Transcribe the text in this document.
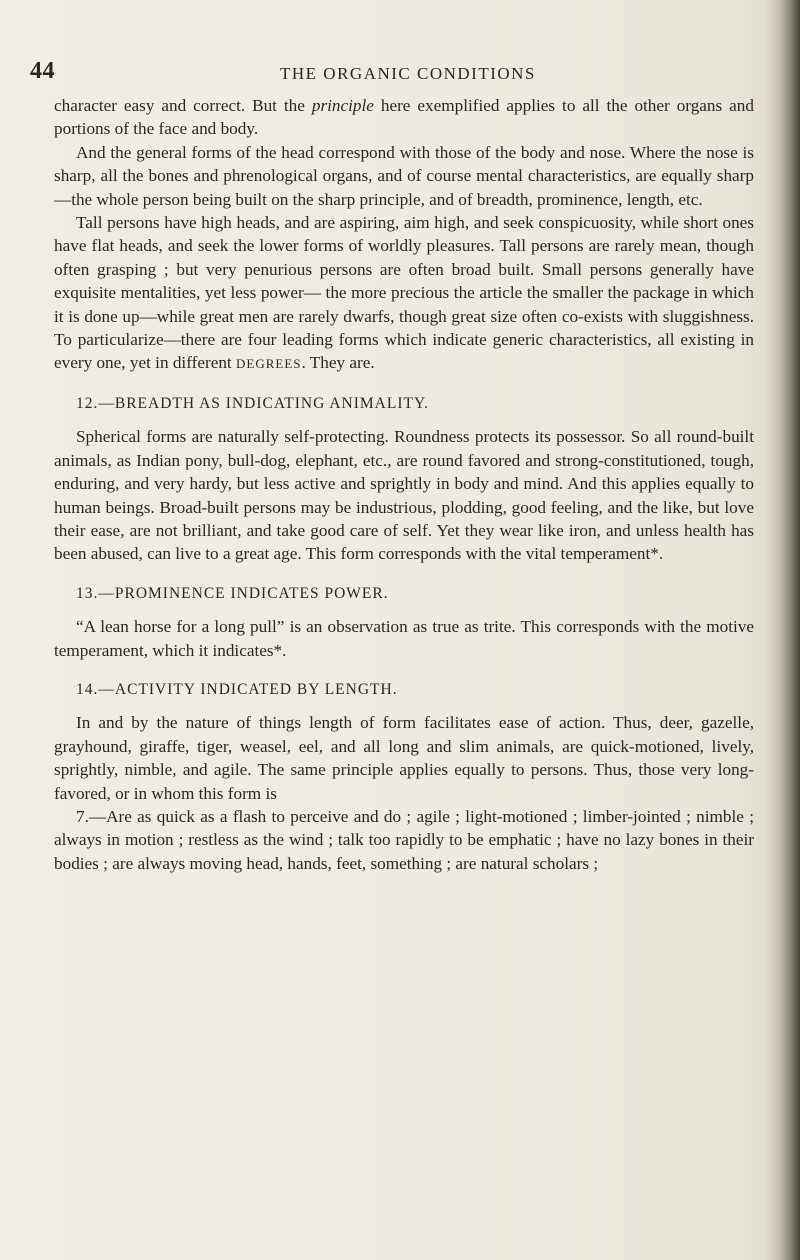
44	THE ORGANIC CONDITIONS

character easy and correct. But the principle here exemplified applies to all the other organs and portions of the face and body.

And the general forms of the head correspond with those of the body and nose. Where the nose is sharp, all the bones and phrenological organs, and of course mental characteristics, are equally sharp —the whole person being built on the sharp principle, and of breadth, prominence, length, etc.

Tall persons have high heads, and are aspiring, aim high, and seek conspicuosity, while short ones have flat heads, and seek the lower forms of worldly pleasures. Tall persons are rarely mean, though often grasping ; but very penurious persons are often broad built. Small persons generally have exquisite mentalities, yet less power— the more precious the article the smaller the package in which it is done up—while great men are rarely dwarfs, though great size often co-exists with sluggishness. To particularize—there are four leading forms which indicate generic characteristics, all existing in every one, yet in different DEGREES. They are.

12.—BREADTH AS INDICATING ANIMALITY.

Spherical forms are naturally self-protecting. Roundness protects its possessor. So all round-built animals, as Indian pony, bull-dog, elephant, etc., are round favored and strong-constitutioned, tough, enduring, and very hardy, but less active and sprightly in body and mind. And this applies equally to human beings. Broad-built persons may be industrious, plodding, good feeling, and the like, but love their ease, are not brilliant, and take good care of self. Yet they wear like iron, and unless health has been abused, can live to a great age. This form corresponds with the vital temperament*.

13.—PROMINENCE INDICATES POWER.

“A lean horse for a long pull” is an observation as true as trite. This corresponds with the motive temperament, which it indicates*.

14.—ACTIVITY INDICATED BY LENGTH.

In and by the nature of things length of form facilitates ease of action. Thus, deer, gazelle, grayhound, giraffe, tiger, weasel, eel, and all long and slim animals, are quick-motioned, lively, sprightly, nimble, and agile. The same principle applies equally to persons. Thus, those very long-favored, or in whom this form is

7.—Are as quick as a flash to perceive and do ; agile ; light-motioned ; limber-jointed ; nimble ; always in motion ; restless as the wind ; talk too rapidly to be emphatic ; have no lazy bones in their bodies ; are always moving head, hands, feet, something ; are natural scholars ;
